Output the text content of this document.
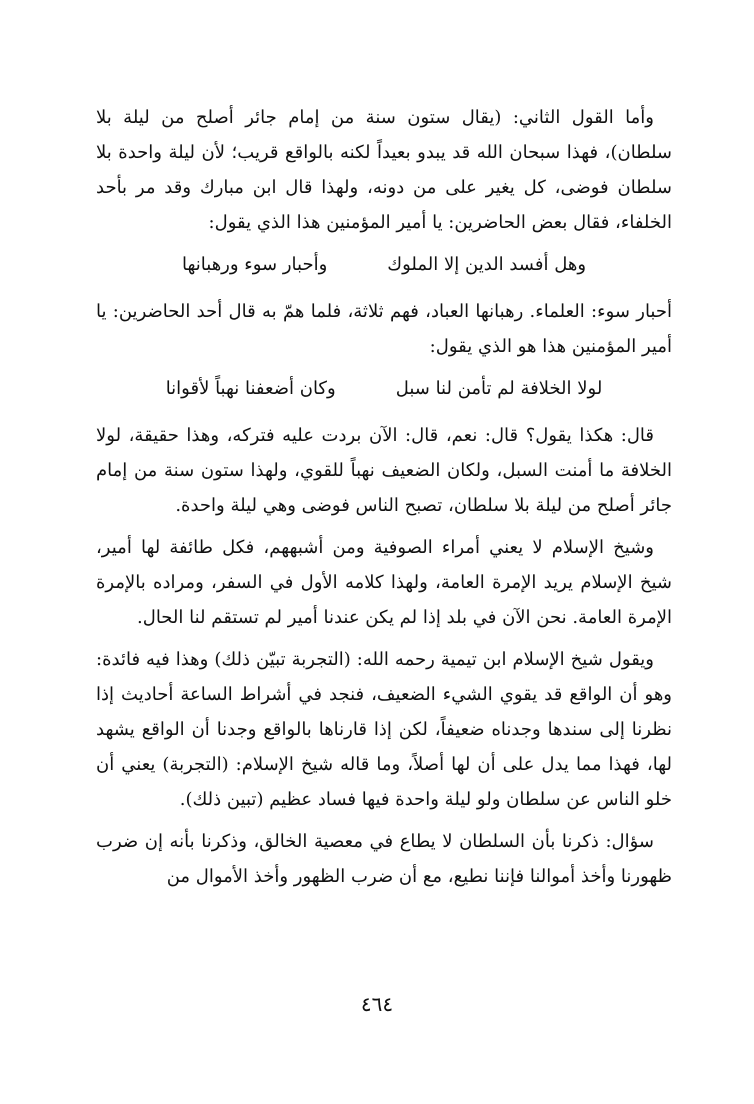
وأما القول الثاني: (يقال ستون سنة من إمام جائر أصلح من ليلة بلا سلطان)، فهذا سبحان الله قد يبدو بعيداً لكنه بالواقع قريب؛ لأن ليلة واحدة بلا سلطان فوضى، كل يغير على من دونه، ولهذا قال ابن مبارك وقد مر بأحد الخلفاء، فقال بعض الحاضرين: يا أمير المؤمنين هذا الذي يقول:

وهل أفسد الدين إلا الملوك
وأحبار سوء ورهبانها

أحبار سوء: العلماء. رهبانها العباد، فهم ثلاثة، فلما همّ به قال أحد الحاضرين: يا أمير المؤمنين هذا هو الذي يقول:

لولا الخلافة لم تأمن لنا سبل
وكان أضعفنا نهباً لأقوانا

قال: هكذا يقول؟ قال: نعم، قال: الآن بردت عليه فتركه، وهذا حقيقة، لولا الخلافة ما أمنت السبل، ولكان الضعيف نهباً للقوي، ولهذا ستون سنة من إمام جائر أصلح من ليلة بلا سلطان، تصبح الناس فوضى وهي ليلة واحدة.

وشيخ الإسلام لا يعني أمراء الصوفية ومن أشبههم، فكل طائفة لها أمير، شيخ الإسلام يريد الإمرة العامة، ولهذا كلامه الأول في السفر، ومراده بالإمرة الإمرة العامة. نحن الآن في بلد إذا لم يكن عندنا أمير لم تستقم لنا الحال.

ويقول شيخ الإسلام ابن تيمية رحمه الله: (التجربة تبيّن ذلك) وهذا فيه فائدة: وهو أن الواقع قد يقوي الشيء الضعيف، فنجد في أشراط الساعة أحاديث إذا نظرنا إلى سندها وجدناه ضعيفاً، لكن إذا قارناها بالواقع وجدنا أن الواقع يشهد لها، فهذا مما يدل على أن لها أصلاً، وما قاله شيخ الإسلام: (التجربة) يعني أن خلو الناس عن سلطان ولو ليلة واحدة فيها فساد عظيم (تبين ذلك).

سؤال: ذكرنا بأن السلطان لا يطاع في معصية الخالق، وذكرنا بأنه إن ضرب ظهورنا وأخذ أموالنا فإننا نطيع، مع أن ضرب الظهور وأخذ الأموال من

٤٦٤
